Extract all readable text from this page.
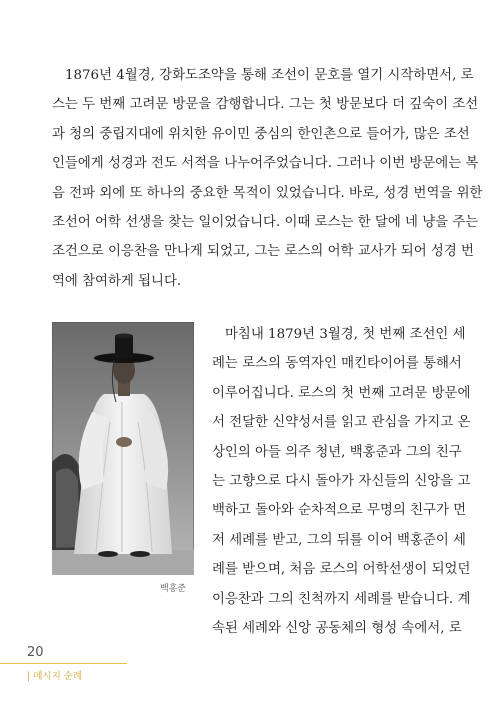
1876년 4월경, 강화도조약을 통해 조선이 문호를 열기 시작하면서, 로
스는 두 번째 고려문 방문을 감행합니다. 그는 첫 방문보다 더 깊숙이 조선
과 청의 중립지대에 위치한 유이민 중심의 한인촌으로 들어가, 많은 조선
인들에게 성경과 전도 서적을 나누어주었습니다. 그러나 이번 방문에는 복
음 전파 외에 또 하나의 중요한 목적이 있었습니다. 바로, 성경 번역을 위한
조선어 어학 선생을 찾는 일이었습니다. 이때 로스는 한 달에 네 냥을 주는
조건으로 이응찬을 만나게 되었고, 그는 로스의 어학 교사가 되어 성경 번
역에 참여하게 됩니다.
백홍준
마침내 1879년 3월경, 첫 번째 조선인 세
례는 로스의 동역자인 매킨타이어를 통해서
이루어집니다. 로스의 첫 번째 고려문 방문에
서 전달한 신약성서를 읽고 관심을 가지고 온
상인의 아들 의주 청년, 백홍준과 그의 친구
는 고향으로 다시 돌아가 자신들의 신앙을 고
백하고 돌아와 순차적으로 무명의 친구가 먼
저 세례를 받고, 그의 뒤를 이어 백홍준이 세
례를 받으며, 처음 로스의 어학선생이 되었던
이응찬과 그의 친척까지 세례를 받습니다. 계
속된 세례와 신앙 공동체의 형성 속에서, 로
20
| 메시지 순례
